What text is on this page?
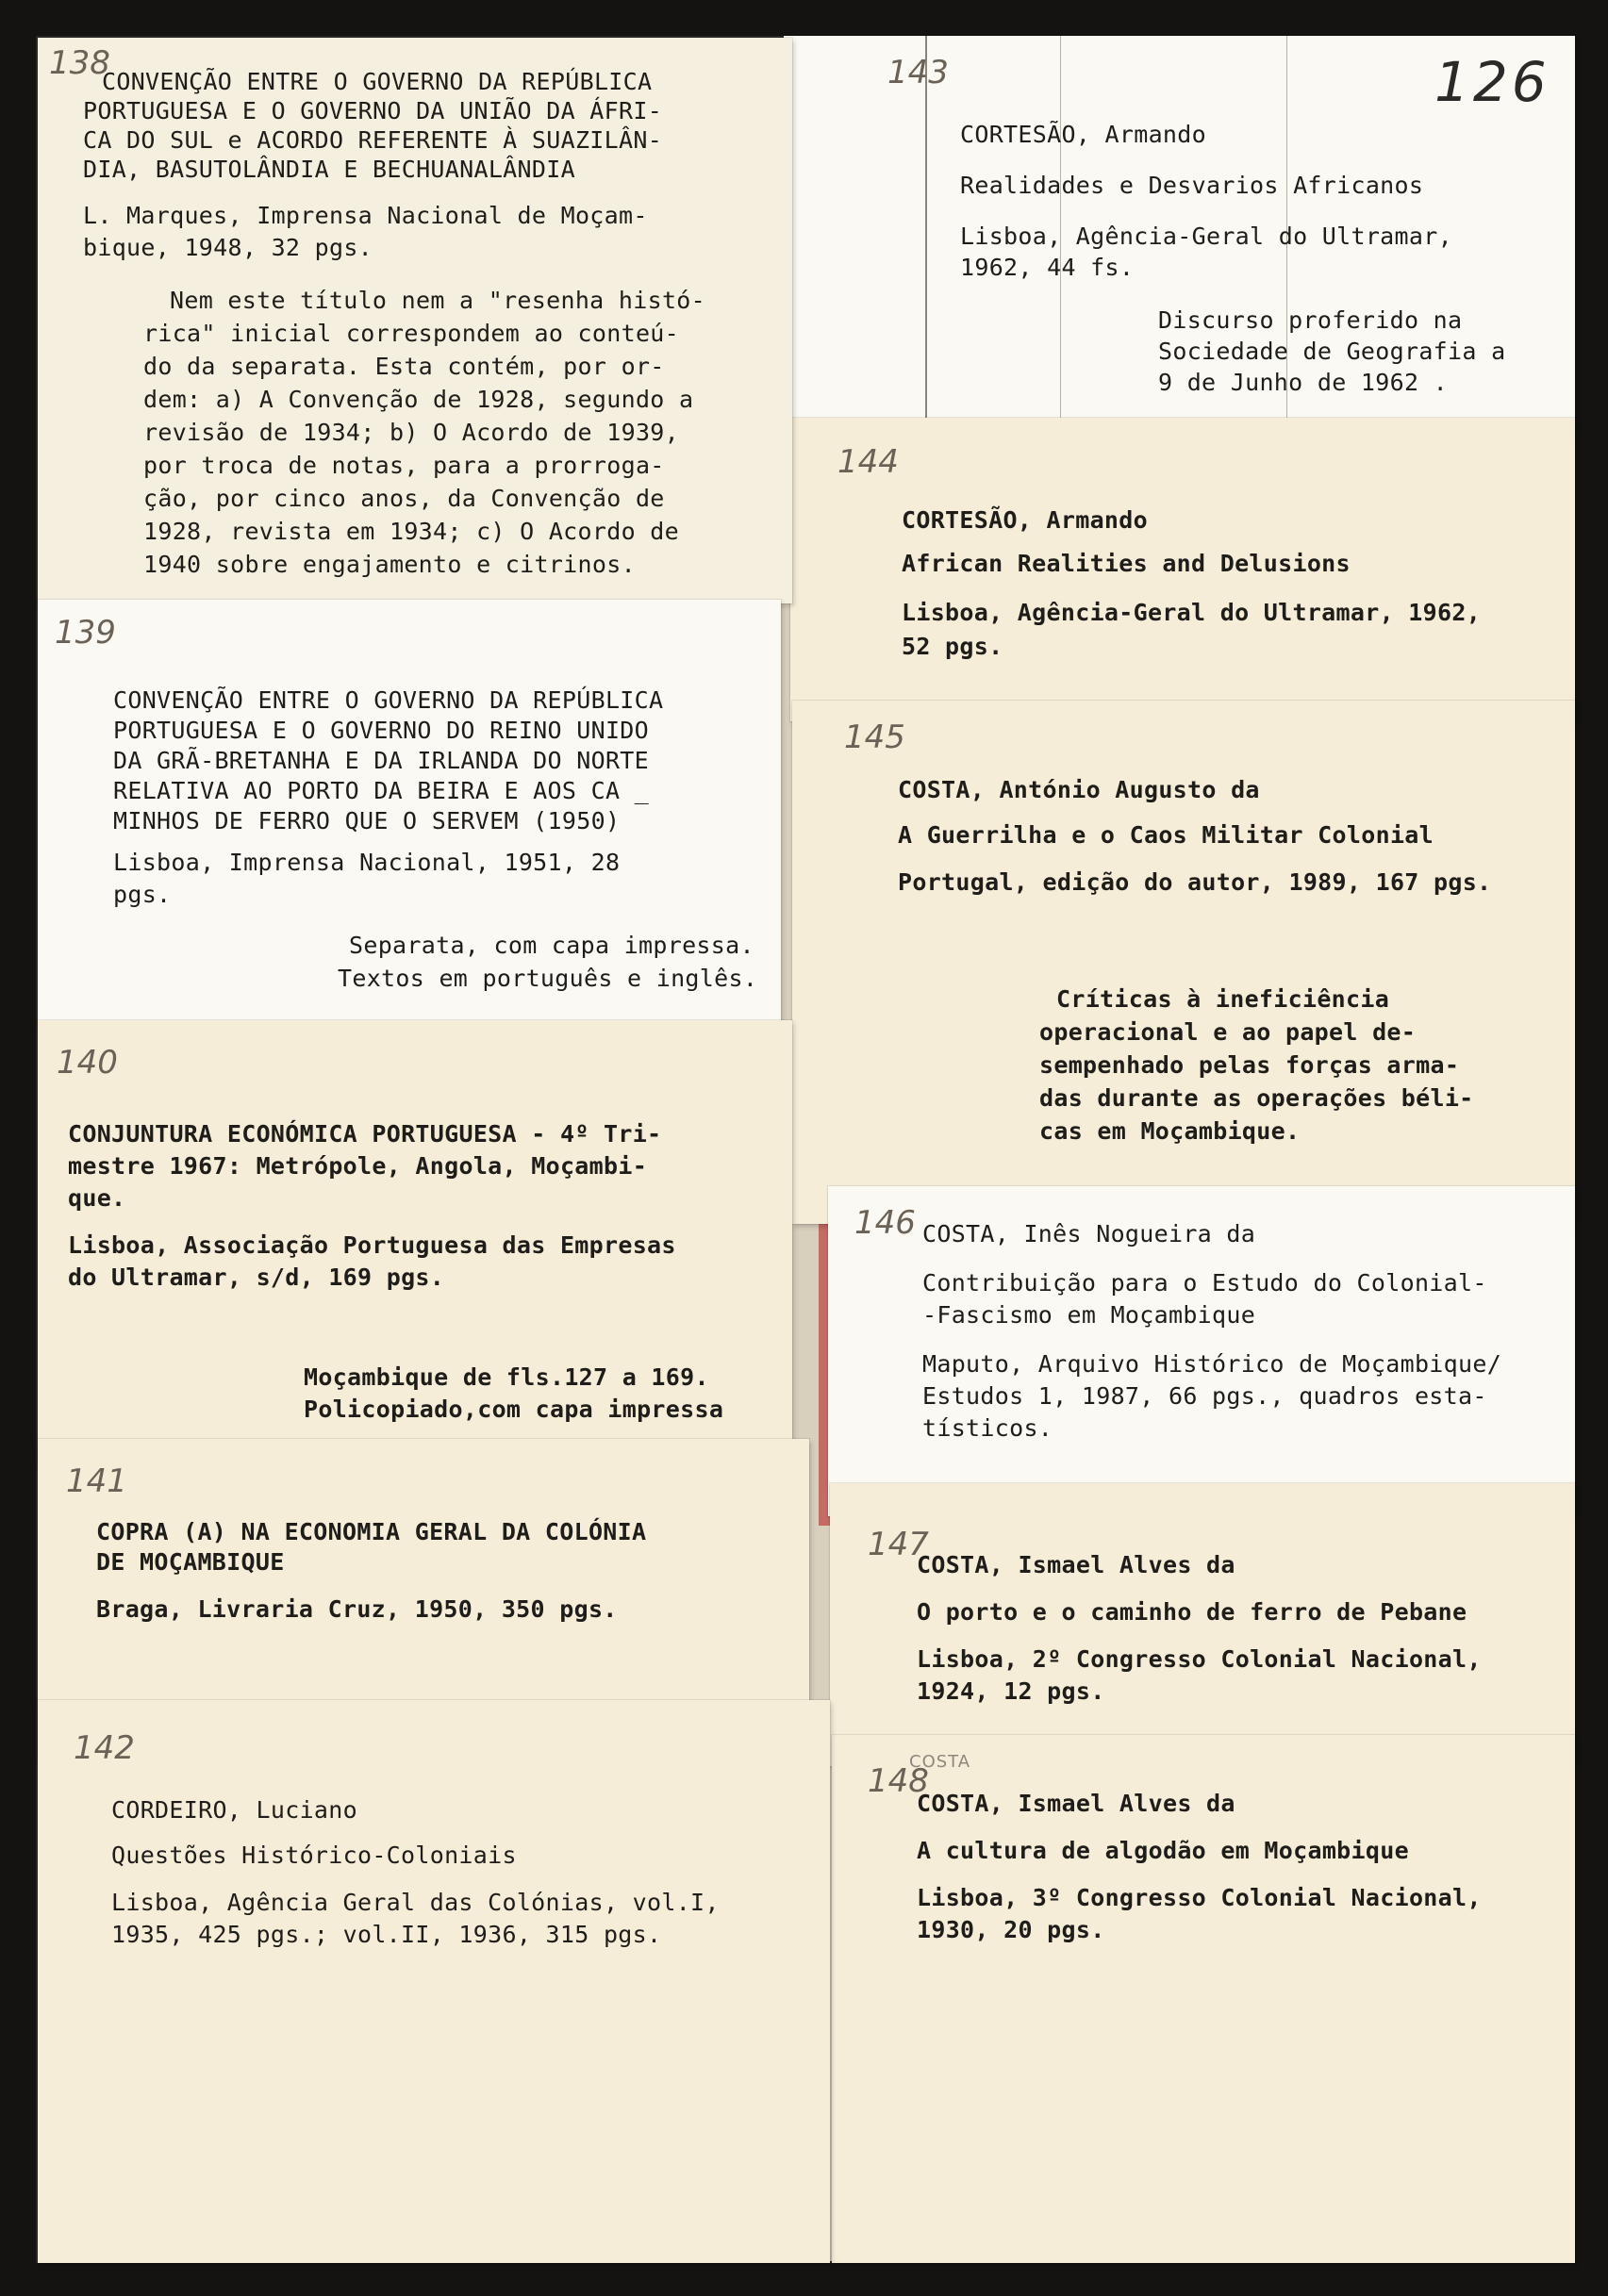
143	126
CORTESÃO, Armando
Realidades e Desvarios Africanos
Lisboa, Agência-Geral do Ultramar,
1962, 44 fs.
Discurso proferido na
Sociedade de Geografia a
9 de Junho de 1962 .
144
CORTESÃO, Armando
African Realities and Delusions
Lisboa, Agência-Geral do Ultramar, 1962,
52 pgs.
145
COSTA, António Augusto da
A Guerrilha e o Caos Militar Colonial
Portugal, edição do autor, 1989, 167 pgs.
Críticas à ineficiência
operacional e ao papel de-
sempenhado pelas forças arma-
das durante as operações béli-
cas em Moçambique.
146 COSTA, Inês Nogueira da
Contribuição para o Estudo do Colonial-
-Fascismo em Moçambique
Maputo, Arquivo Histórico de Moçambique/
Estudos 1, 1987, 66 pgs., quadros esta-
tísticos.
147
COSTA, Ismael Alves da
O porto e o caminho de ferro de Pebane
Lisboa, 2º Congresso Colonial Nacional,
1924, 12 pgs.
COSTA
148
COSTA, Ismael Alves da
A cultura de algodão em Moçambique
Lisboa, 3º Congresso Colonial Nacional,
1930, 20 pgs.
138
CONVENÇÃO ENTRE O GOVERNO DA REPÚBLICA
PORTUGUESA E O GOVERNO DA UNIÃO DA ÁFRI-
CA DO SUL e ACORDO REFERENTE À SUAZILÂN-
DIA, BASUTOLÂNDIA E BECHUANALÂNDIA
L. Marques, Imprensa Nacional de Moçam-
bique, 1948, 32 pgs.
Nem este título nem a "resenha histó-
rica" inicial correspondem ao conteú-
do da separata. Esta contém, por or-
dem: a) A Convenção de 1928, segundo a
revisão de 1934; b) O Acordo de 1939,
por troca de notas, para a prorroga-
ção, por cinco anos, da Convenção de
1928, revista em 1934; c) O Acordo de
1940 sobre engajamento e citrinos.
139
CONVENÇÃO ENTRE O GOVERNO DA REPÚBLICA
PORTUGUESA E O GOVERNO DO REINO UNIDO
DA GRÃ-BRETANHA E DA IRLANDA DO NORTE
RELATIVA AO PORTO DA BEIRA E AOS CA _
MINHOS DE FERRO QUE O SERVEM (1950)
Lisboa, Imprensa Nacional, 1951, 28
pgs.
Separata, com capa impressa.
Textos em português e inglês.
140
CONJUNTURA ECONÓMICA PORTUGUESA - 4º Tri-
mestre 1967: Metrópole, Angola, Moçambi-
que.
Lisboa, Associação Portuguesa das Empresas
do Ultramar, s/d, 169 pgs.
Moçambique de fls.127 a 169.
Policopiado,com capa impressa
141
COPRA (A) NA ECONOMIA GERAL DA COLÓNIA
DE MOÇAMBIQUE
Braga, Livraria Cruz, 1950, 350 pgs.
142
CORDEIRO, Luciano
Questões Histórico-Coloniais
Lisboa, Agência Geral das Colónias, vol.I,
1935, 425 pgs.; vol.II, 1936, 315 pgs.
